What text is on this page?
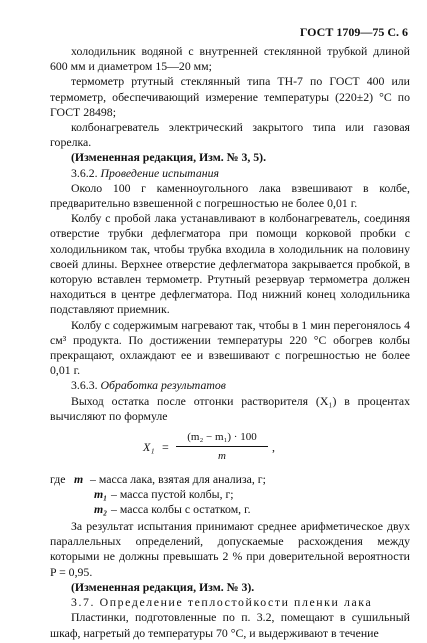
ГОСТ 1709—75 С. 6

холодильник водяной с внутренней стеклянной трубкой длиной 600 мм и диаметром 15—20 мм;

термометр ртутный стеклянный типа ТН-7 по ГОСТ 400 или термометр, обеспечивающий измерение температуры (220±2) °С по ГОСТ 28498;

колбонагреватель электрический закрытого типа или газовая горелка.

(Измененная редакция, Изм. № 3, 5).

3.6.2. Проведение испытания

Около 100 г каменноугольного лака взвешивают в колбе, предварительно взвешенной с погрешностью не более 0,01 г.

Колбу с пробой лака устанавливают в колбонагреватель, соединяя отверстие трубки дефлегматора при помощи корковой пробки с холодильником так, чтобы трубка входила в холодильник на половину своей длины. Верхнее отверстие дефлегматора закрывается пробкой, в которую вставлен термометр. Ртутный резервуар термометра должен находиться в центре дефлегматора. Под нижний конец холодильника подставляют приемник.

Колбу с содержимым нагревают так, чтобы в 1 мин перегонялось 4 см³ продукта. По достижении температуры 220 °С обогрев колбы прекращают, охлаждают ее и взвешивают с погрешностью не более 0,01 г.

3.6.3. Обработка результатов

Выход остатка после отгонки растворителя (X₁) в процентах вычисляют по формуле

X₁ =
(m₂ − m₁) · 100
m
,
где m – масса лака, взятая для анализа, г;
m₁ – масса пустой колбы, г;
m₂ – масса колбы с остатком, г.

За результат испытания принимают среднее арифметическое двух параллельных определений, допускаемые расхождения между которыми не должны превышать 2 % при доверительной вероятности P = 0,95.

(Измененная редакция, Изм. № 3).

3.7. Определение теплостойкости пленки лака

Пластинки, подготовленные по п. 3.2, помещают в сушильный шкаф, нагретый до температуры 70 °С, и выдерживают в течение
